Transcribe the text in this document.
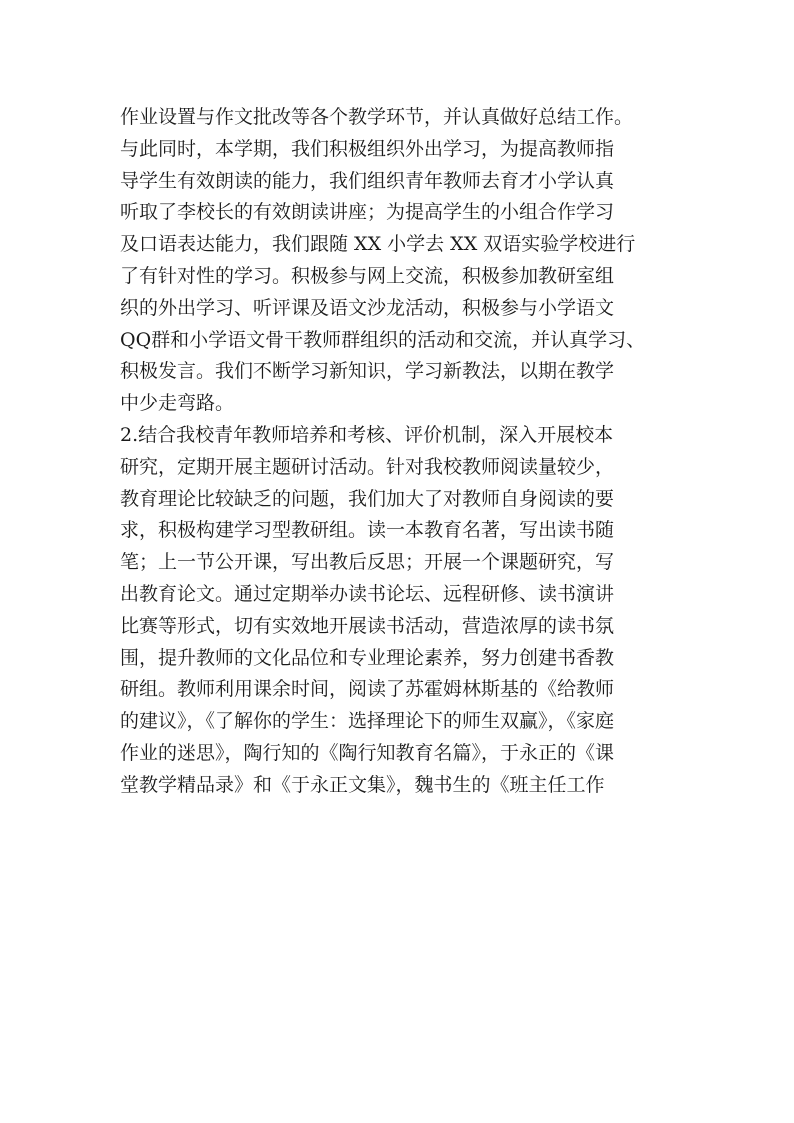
作业设置与作文批改等各个教学环节，并认真做好总结工作。
与此同时，本学期，我们积极组织外出学习，为提高教师指
导学生有效朗读的能力，我们组织青年教师去育才小学认真
听取了李校长的有效朗读讲座；为提高学生的小组合作学习
及口语表达能力，我们跟随 XX 小学去 XX 双语实验学校进行
了有针对性的学习。积极参与网上交流，积极参加教研室组
织的外出学习、听评课及语文沙龙活动，积极参与小学语文
QQ群和小学语文骨干教师群组织的活动和交流，并认真学习、
积极发言。我们不断学习新知识，学习新教法，以期在教学
中少走弯路。
2.结合我校青年教师培养和考核、评价机制，深入开展校本
研究，定期开展主题研讨活动。针对我校教师阅读量较少，
教育理论比较缺乏的问题，我们加大了对教师自身阅读的要
求，积极构建学习型教研组。读一本教育名著，写出读书随
笔；上一节公开课，写出教后反思；开展一个课题研究，写
出教育论文。通过定期举办读书论坛、远程研修、读书演讲
比赛等形式，切有实效地开展读书活动，营造浓厚的读书氛
围，提升教师的文化品位和专业理论素养，努力创建书香教
研组。教师利用课余时间，阅读了苏霍姆林斯基的《给教师
的建议》，《了解你的学生：选择理论下的师生双赢》，《家庭
作业的迷思》，陶行知的《陶行知教育名篇》，于永正的《课
堂教学精品录》和《于永正文集》，魏书生的《班主任工作
